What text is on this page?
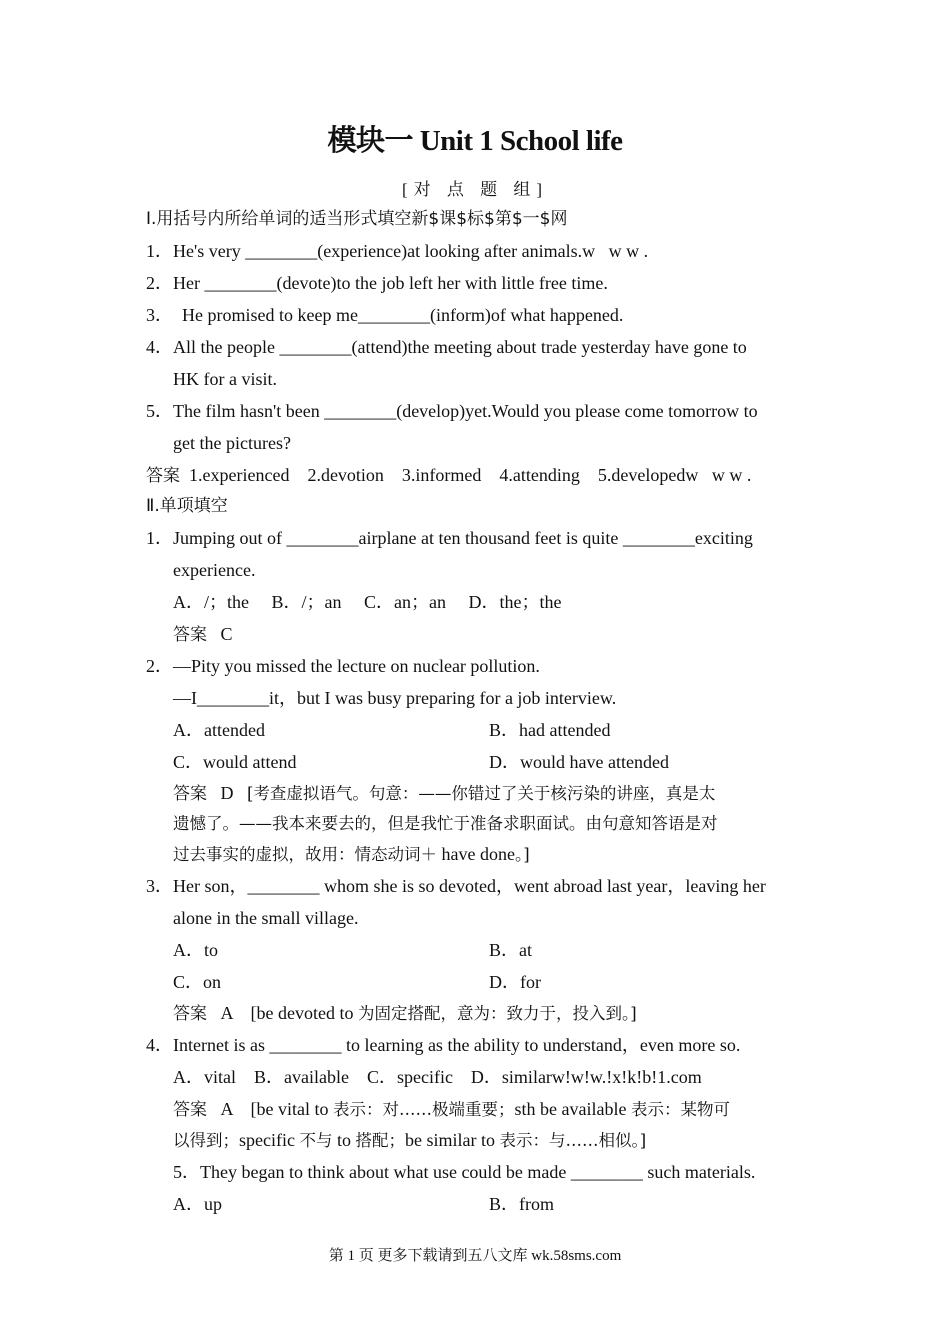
模块一 Unit 1 School life
[对 点 题 组]
Ⅰ.用括号内所给单词的适当形式填空新$课$标$第$一$网
1．He's very ________(experience)at looking after animals.w   w w .
2．Her ________(devote)to the job left her with little free time.
3．  He promised to keep me________(inform)of what happened.
4．All the people ________(attend)the meeting about trade yesterday have gone to
HK for a visit.
5．The film hasn't been ________(develop)yet.Would you please come tomorrow to
get the pictures?
答案 1.experienced    2.devotion    3.informed    4.attending    5.developedw   w w .
Ⅱ.单项填空
1．Jumping out of ________airplane at ten thousand feet is quite ________exciting
experience.
A．/；the     B．/；an     C．an；an     D．the；the
答案 C
2．—Pity you missed the lecture on nuclear pollution.
—I________it，but I was busy preparing for a job interview.
A．attended	B．had attended
C．would attend	D．would have attended
答案 D [考查虚拟语气。句意：——你错过了关于核污染的讲座，真是太
遗憾了。——我本来要去的，但是我忙于准备求职面试。由句意知答语是对
过去事实的虚拟，故用：情态动词＋ have done。]
3．Her son，________ whom she is so devoted，went abroad last year，leaving her
alone in the small village.
A．to	B．at
C．on	D．for
答案 A [be devoted to 为固定搭配，意为：致力于，投入到。]
4．Internet is as ________ to learning as the ability to understand，even more so.
A．vital    B．available    C．specific    D．similarw!w!w.!x!k!b!1.com
答案 A [be vital to 表示：对……极端重要；sth be available 表示：某物可
以得到；specific 不与 to 搭配；be similar to 表示：与……相似。]
5．They began to think about what use could be made ________ such materials.
A．up	B．from
第 1 页 更多下载请到五八文库 wk.58sms.com
